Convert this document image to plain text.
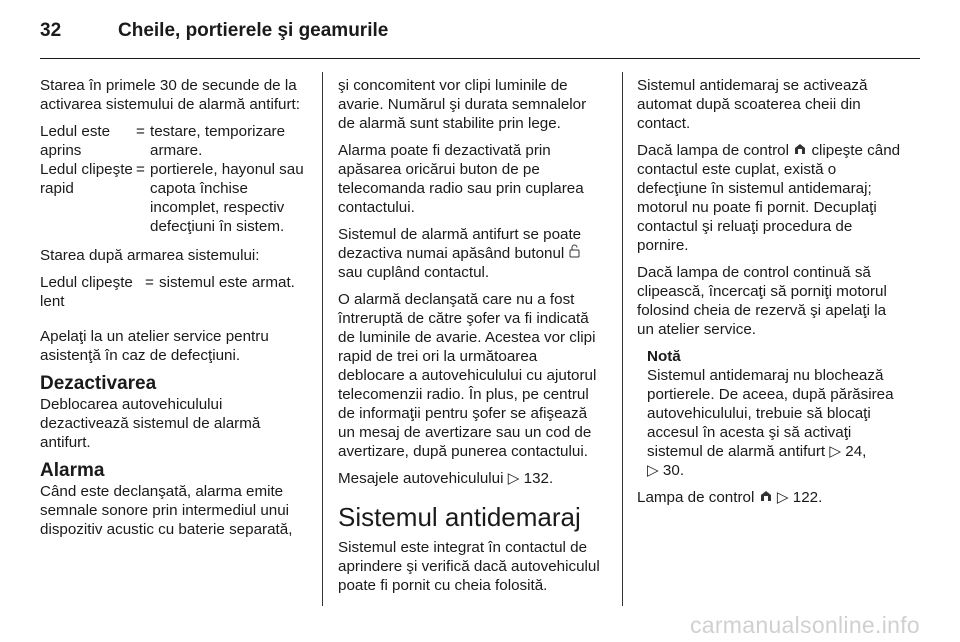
32	Cheile, portierele şi geamurile

Starea în primele 30 de secunde de la activarea sistemului de alarmă antifurt:

Ledul este aprins
= testare, temporizare armare.
Ledul clipeşte rapid
= portierele, hayonul sau capota închise incomplet, respectiv defecţiuni în sistem.

Starea după armarea sistemului:

Ledul clipeşte lent
= sistemul este armat.

Apelaţi la un atelier service pentru asistenţă în caz de defecţiuni.

Dezactivarea

Deblocarea autovehiculului dezactivează sistemul de alarmă antifurt.

Alarma

Când este declanşată, alarma emite semnale sonore prin intermediul unui dispozitiv acustic cu baterie separată,

şi concomitent vor clipi luminile de avarie. Numărul şi durata semnalelor de alarmă sunt stabilite prin lege.

Alarma poate fi dezactivată prin apăsarea oricărui buton de pe telecomanda radio sau prin cuplarea contactului.

Sistemul de alarmă antifurt se poate dezactiva numai apăsând butonul  sau cuplând contactul.

O alarmă declanşată care nu a fost întreruptă de către şofer va fi indicată de luminile de avarie. Acestea vor clipi rapid de trei ori la următoarea deblocare a autovehiculului cu ajutorul telecomenzii radio. În plus, pe centrul de informaţii pentru şofer se afişează un mesaj de avertizare sau un cod de avertizare, după punerea contactului.

Mesajele autovehiculului ▷ 132.

Sistemul antidemaraj

Sistemul este integrat în contactul de aprindere şi verifică dacă autovehiculul poate fi pornit cu cheia folosită.

Sistemul antidemaraj se activează automat după scoaterea cheii din contact.

Dacă lampa de control clipeşte când contactul este cuplat, există o defecţiune în sistemul antidemaraj; motorul nu poate fi pornit. Decuplaţi contactul şi reluaţi procedura de pornire.

Dacă lampa de control continuă să clipească, încercaţi să porniţi motorul folosind cheia de rezervă şi apelaţi la un atelier service.

Notă

Sistemul antidemaraj nu blochează portierele. De aceea, după părăsirea autovehiculului, trebuie să blocaţi accesul în acesta şi să activaţi sistemul de alarmă antifurt ▷ 24,
▷ 30.

Lampa de control ▷ 122.

carmanualsonline.info
